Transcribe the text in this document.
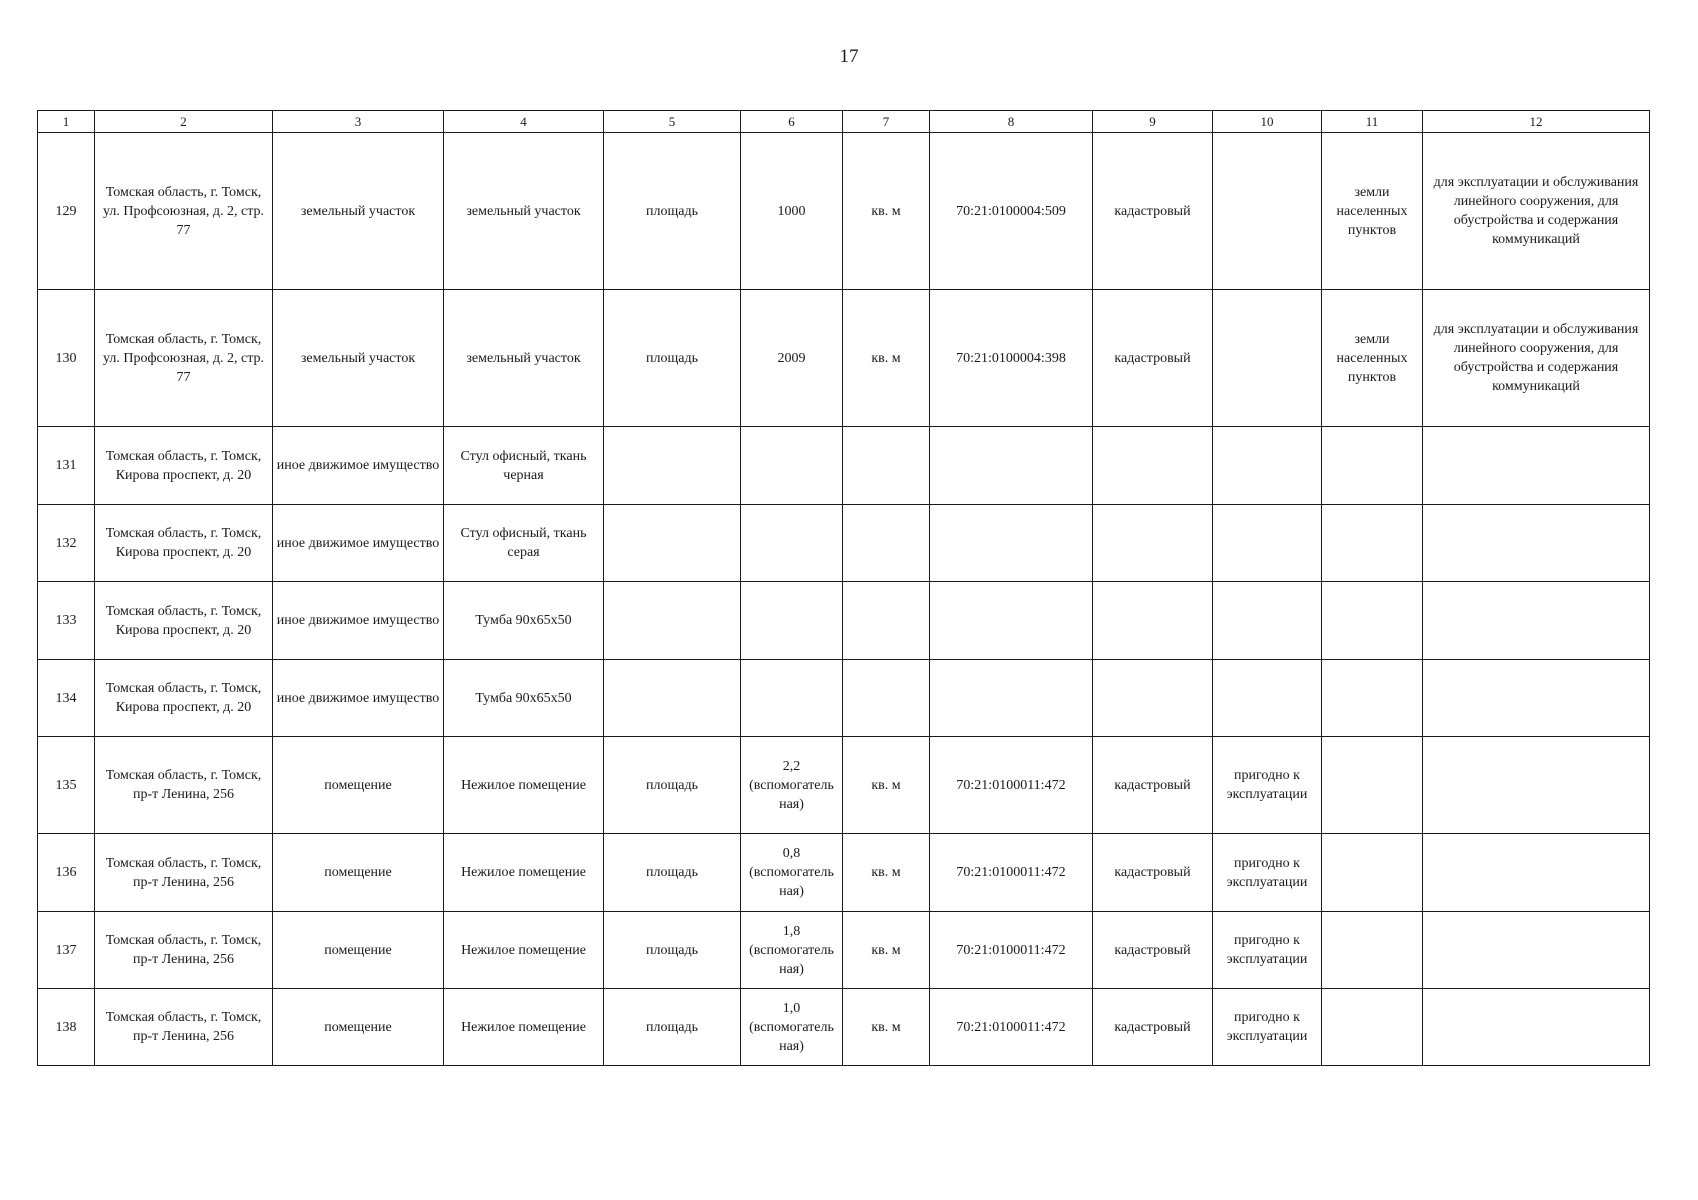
17
1	2	3	4	5	6	7	8	9	10	11	12
129	Томская область, г. Томск, ул. Профсоюзная, д. 2, стр. 77	земельный участок	земельный участок	площадь	1000	кв. м	70:21:0100004:509	кадастровый		земли населенных пунктов	для эксплуатации и обслуживания линейного сооружения, для обустройства и содержания коммуникаций
130	Томская область, г. Томск, ул. Профсоюзная, д. 2, стр. 77	земельный участок	земельный участок	площадь	2009	кв. м	70:21:0100004:398	кадастровый		земли населенных пунктов	для эксплуатации и обслуживания линейного сооружения, для обустройства и содержания коммуникаций
131	Томская область, г. Томск, Кирова проспект, д. 20	иное движимое имущество	Стул офисный, ткань черная								
132	Томская область, г. Томск, Кирова проспект, д. 20	иное движимое имущество	Стул офисный, ткань серая								
133	Томская область, г. Томск, Кирова проспект, д. 20	иное движимое имущество	Тумба 90x65x50								
134	Томская область, г. Томск, Кирова проспект, д. 20	иное движимое имущество	Тумба 90x65x50								
135	Томская область, г. Томск, пр-т Ленина, 256	помещение	Нежилое помещение	площадь	2,2 (вспомогатель ная)	кв. м	70:21:0100011:472	кадастровый	пригодно к эксплуатации		
136	Томская область, г. Томск, пр-т Ленина, 256	помещение	Нежилое помещение	площадь	0,8 (вспомогатель ная)	кв. м	70:21:0100011:472	кадастровый	пригодно к эксплуатации		
137	Томская область, г. Томск, пр-т Ленина, 256	помещение	Нежилое помещение	площадь	1,8 (вспомогатель ная)	кв. м	70:21:0100011:472	кадастровый	пригодно к эксплуатации		
138	Томская область, г. Томск, пр-т Ленина, 256	помещение	Нежилое помещение	площадь	1,0 (вспомогатель ная)	кв. м	70:21:0100011:472	кадастровый	пригодно к эксплуатации		
